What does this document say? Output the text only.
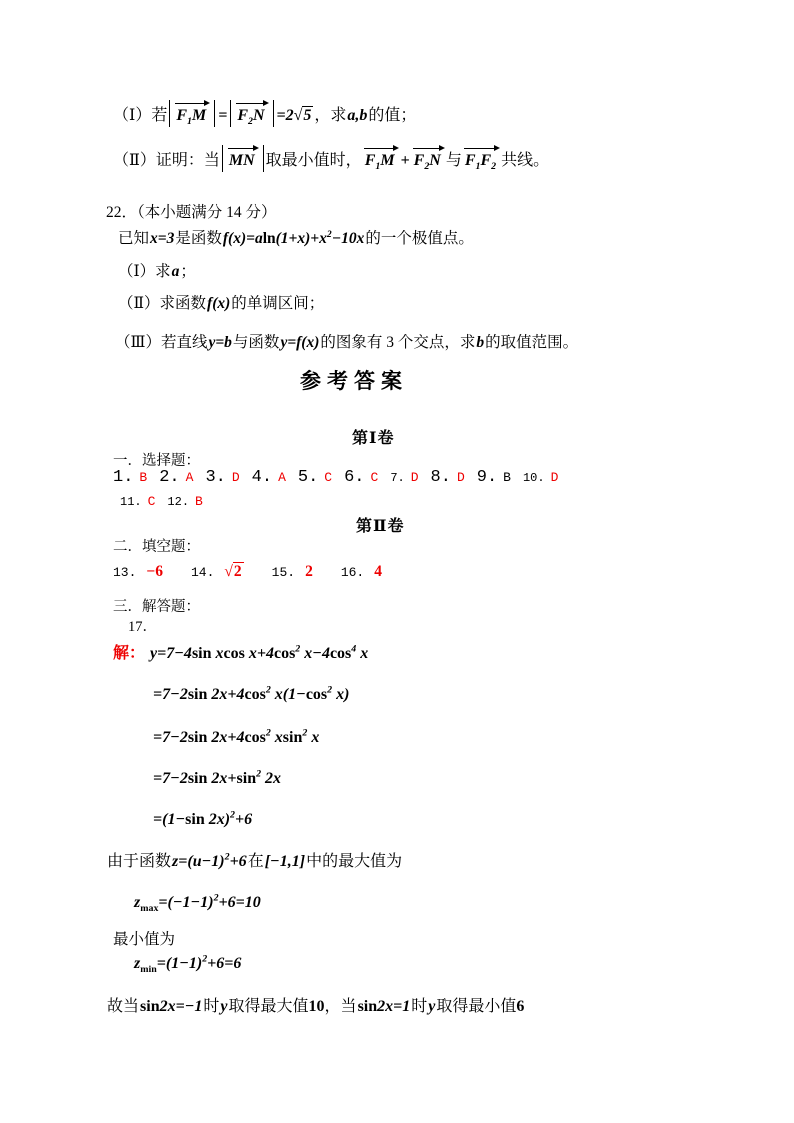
（Ⅰ）若 $F_1M = F_2N =2√5$ ，求a,b的值；
（Ⅱ）证明：当 MN 取最小值时， $F_1M + F_2N$ 与 $F_1F_2$ 共线。
22．（本小题满分 14 分）
已知x=3是函数$f(x)=aln(1+x)+x^2-10x$的一个极值点。
（Ⅰ）求a；
（Ⅱ）求函数f(x)的单调区间；
（Ⅲ）若直线y=b与函数y=f(x)的图象有 3 个交点，求b的取值范围。
参考答案
第Ⅰ卷
一．选择题：
1. B 2. A 3. D 4. A 5. C 6. C 7. D 8. D 9. B 10. D
11. C 12. B
第Ⅱ卷
二．填空题：
13. −6 14. √2 15. 2 16. 4
三．解答题：
17．
解： y=7−4sin xcos $x+4\cos^2$ $x-4\cos^4$ x
=7−2sin $2x+4\cos^2$ $x(1-\cos^2$ x)
=7−2sin $2x+4\cos^2$ xsin$^2$ x
=7−2sin $2x+\sin^2$ 2x
=(1−sin 2x)$^2$+6
由于函数$z=(u-1)^2+6$在[−1,1]中的最大值为
$z_{max}=(-1-1)^2+6=10$
最小值为
$z_{min}=(1-1)^2+6=6$
故当sin2x=−1时y取得最大值10，当sin2x=1时y取得最小值6
